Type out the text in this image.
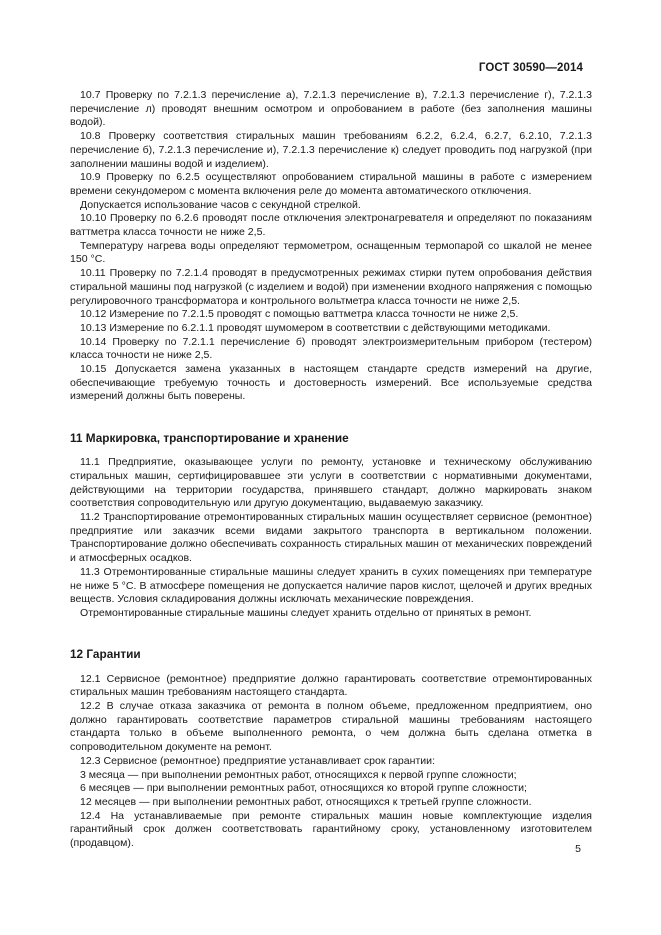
ГОСТ 30590—2014

10.7 Проверку по 7.2.1.3 перечисление а), 7.2.1.3 перечисление в), 7.2.1.3 перечисление г), 7.2.1.3 перечисление л) проводят внешним осмотром и опробованием в работе (без заполнения машины водой).

10.8 Проверку соответствия стиральных машин требованиям 6.2.2, 6.2.4, 6.2.7, 6.2.10, 7.2.1.3 перечисление б), 7.2.1.3 перечисление и), 7.2.1.3 перечисление к) следует проводить под нагрузкой (при заполнении машины водой и изделием).

10.9 Проверку по 6.2.5 осуществляют опробованием стиральной машины в работе с измерением времени секундомером с момента включения реле до момента автоматического отключения.

Допускается использование часов с секундной стрелкой.

10.10 Проверку по 6.2.6 проводят после отключения электронагревателя и определяют по показаниям ваттметра класса точности не ниже 2,5.

Температуру нагрева воды определяют термометром, оснащенным термопарой со шкалой не менее 150 °С.

10.11 Проверку по 7.2.1.4 проводят в предусмотренных режимах стирки путем опробования действия стиральной машины под нагрузкой (с изделием и водой) при изменении входного напряжения с помощью регулировочного трансформатора и контрольного вольтметра класса точности не ниже 2,5.

10.12 Измерение по 7.2.1.5 проводят с помощью ваттметра класса точности не ниже 2,5.

10.13 Измерение по 6.2.1.1 проводят шумомером в соответствии с действующими методиками.

10.14 Проверку по 7.2.1.1 перечисление б) проводят электроизмерительным прибором (тестером) класса точности не ниже 2,5.

10.15 Допускается замена указанных в настоящем стандарте средств измерений на другие, обеспечивающие требуемую точность и достоверность измерений. Все используемые средства измерений должны быть поверены.

11 Маркировка, транспортирование и хранение

11.1 Предприятие, оказывающее услуги по ремонту, установке и техническому обслуживанию стиральных машин, сертифицировавшее эти услуги в соответствии с нормативными документами, действующими на территории государства, принявшего стандарт, должно маркировать знаком соответствия сопроводительную или другую документацию, выдаваемую заказчику.

11.2 Транспортирование отремонтированных стиральных машин осуществляет сервисное (ремонтное) предприятие или заказчик всеми видами закрытого транспорта в вертикальном положении. Транспортирование должно обеспечивать сохранность стиральных машин от механических повреждений и атмосферных осадков.

11.3 Отремонтированные стиральные машины следует хранить в сухих помещениях при температуре не ниже 5 °С. В атмосфере помещения не допускается наличие паров кислот, щелочей и других вредных веществ. Условия складирования должны исключать механические повреждения.

Отремонтированные стиральные машины следует хранить отдельно от принятых в ремонт.

12 Гарантии

12.1 Сервисное (ремонтное) предприятие должно гарантировать соответствие отремонтированных стиральных машин требованиям настоящего стандарта.

12.2 В случае отказа заказчика от ремонта в полном объеме, предложенном предприятием, оно должно гарантировать соответствие параметров стиральной машины требованиям настоящего стандарта только в объеме выполненного ремонта, о чем должна быть сделана отметка в сопроводительном документе на ремонт.

12.3 Сервисное (ремонтное) предприятие устанавливает срок гарантии:

3 месяца — при выполнении ремонтных работ, относящихся к первой группе сложности;

6 месяцев — при выполнении ремонтных работ, относящихся ко второй группе сложности;

12 месяцев — при выполнении ремонтных работ, относящихся к третьей группе сложности.

12.4 На устанавливаемые при ремонте стиральных машин новые комплектующие изделия гарантийный срок должен соответствовать гарантийному сроку, установленному изготовителем (продавцом).	5
